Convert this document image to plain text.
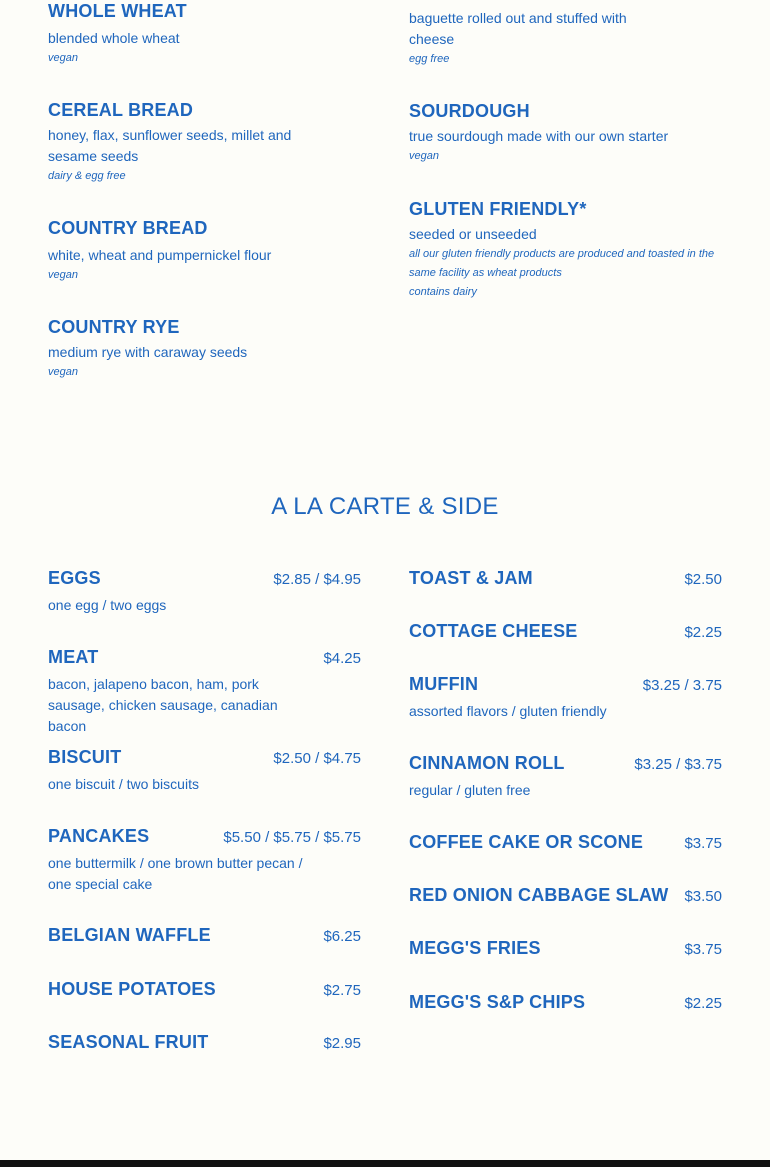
WHOLE WHEAT
blended whole wheat
vegan
CEREAL BREAD
honey, flax, sunflower seeds, millet and sesame seeds
dairy & egg free
COUNTRY BREAD
white, wheat and pumpernickel flour
vegan
COUNTRY RYE
medium rye with caraway seeds
vegan
baguette rolled out and stuffed with cheese
egg free
SOURDOUGH
true sourdough made with our own starter
vegan
GLUTEN FRIENDLY*
seeded or unseeded
all our gluten friendly products are produced and toasted in the same facility as wheat products
contains dairy
A LA CARTE & SIDE
EGGS	$2.85 / $4.95
one egg / two eggs
MEAT	$4.25
bacon, jalapeno bacon, ham, pork sausage, chicken sausage, canadian bacon
BISCUIT	$2.50 / $4.75
one biscuit / two biscuits
PANCAKES	$5.50 / $5.75 / $5.75
one buttermilk / one brown butter pecan / one special cake
BELGIAN WAFFLE	$6.25
HOUSE POTATOES	$2.75
SEASONAL FRUIT	$2.95
TOAST & JAM	$2.50
COTTAGE CHEESE	$2.25
MUFFIN	$3.25 / 3.75
assorted flavors / gluten friendly
CINNAMON ROLL	$3.25 / $3.75
regular / gluten free
COFFEE CAKE OR SCONE	$3.75
RED ONION CABBAGE SLAW $3.50
MEGG'S FRIES	$3.75
MEGG'S S&P CHIPS	$2.25
